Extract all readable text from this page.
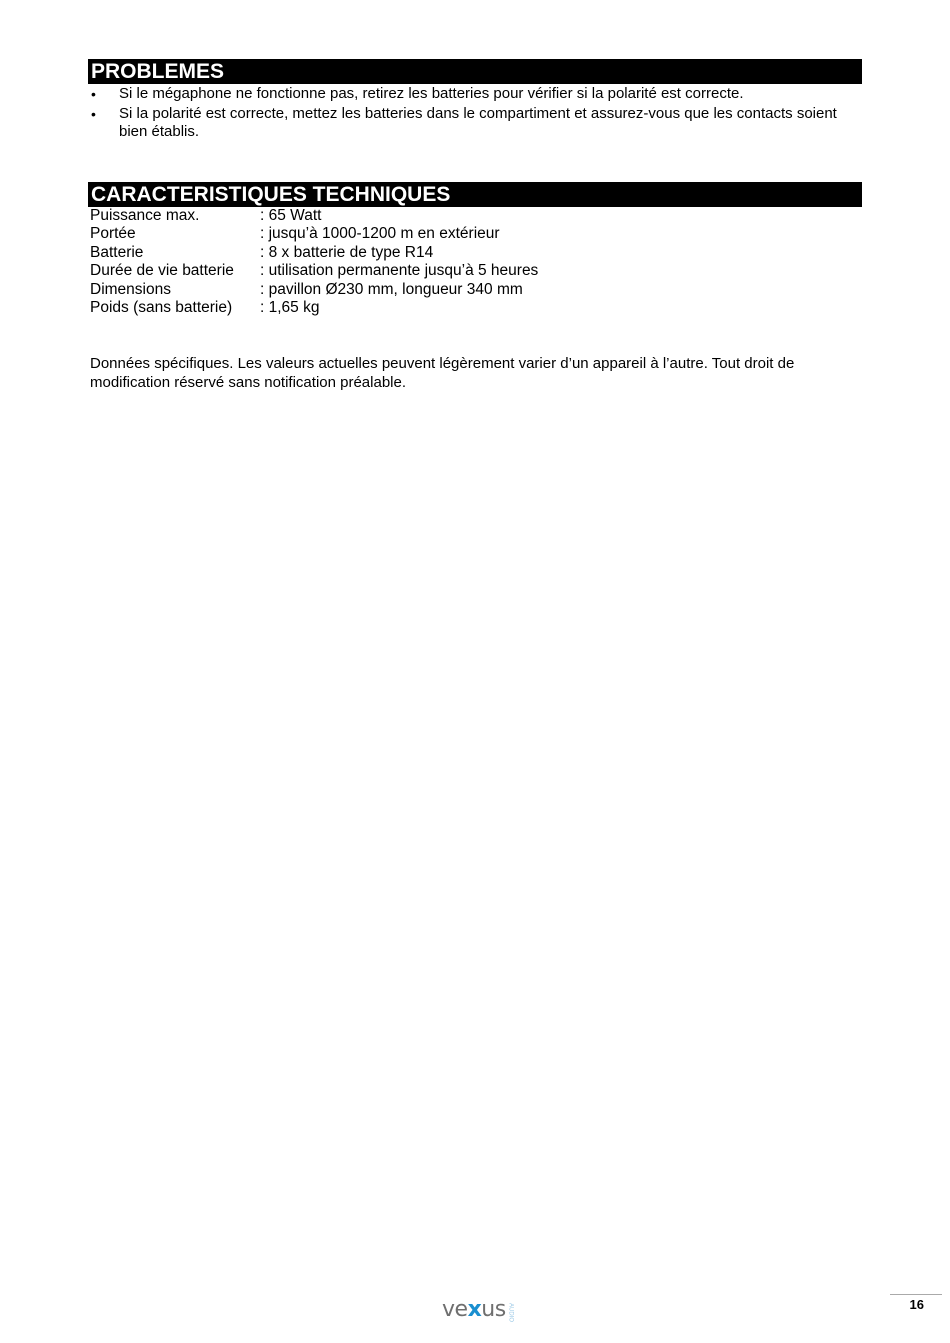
PROBLEMES
•	Si le mégaphone ne fonctionne pas, retirez les batteries pour vérifier si la polarité est correcte.
•	Si la polarité est correcte, mettez les batteries dans le compartiment et assurez-vous que les contacts soient bien établis.
CARACTERISTIQUES TECHNIQUES
Puissance max.	: 65 Watt
Portée	: jusqu’à 1000-1200 m en extérieur
Batterie	: 8 x batterie de type R14
Durée de vie batterie	: utilisation permanente jusqu’à 5 heures
Dimensions	: pavillon Ø230 mm, longueur 340 mm
Poids (sans batterie)	: 1,65 kg
Données spécifiques. Les valeurs actuelles peuvent légèrement varier d’un appareil à l’autre. Tout droit de modification réservé sans notification préalable.
vexus AUDIO	16
